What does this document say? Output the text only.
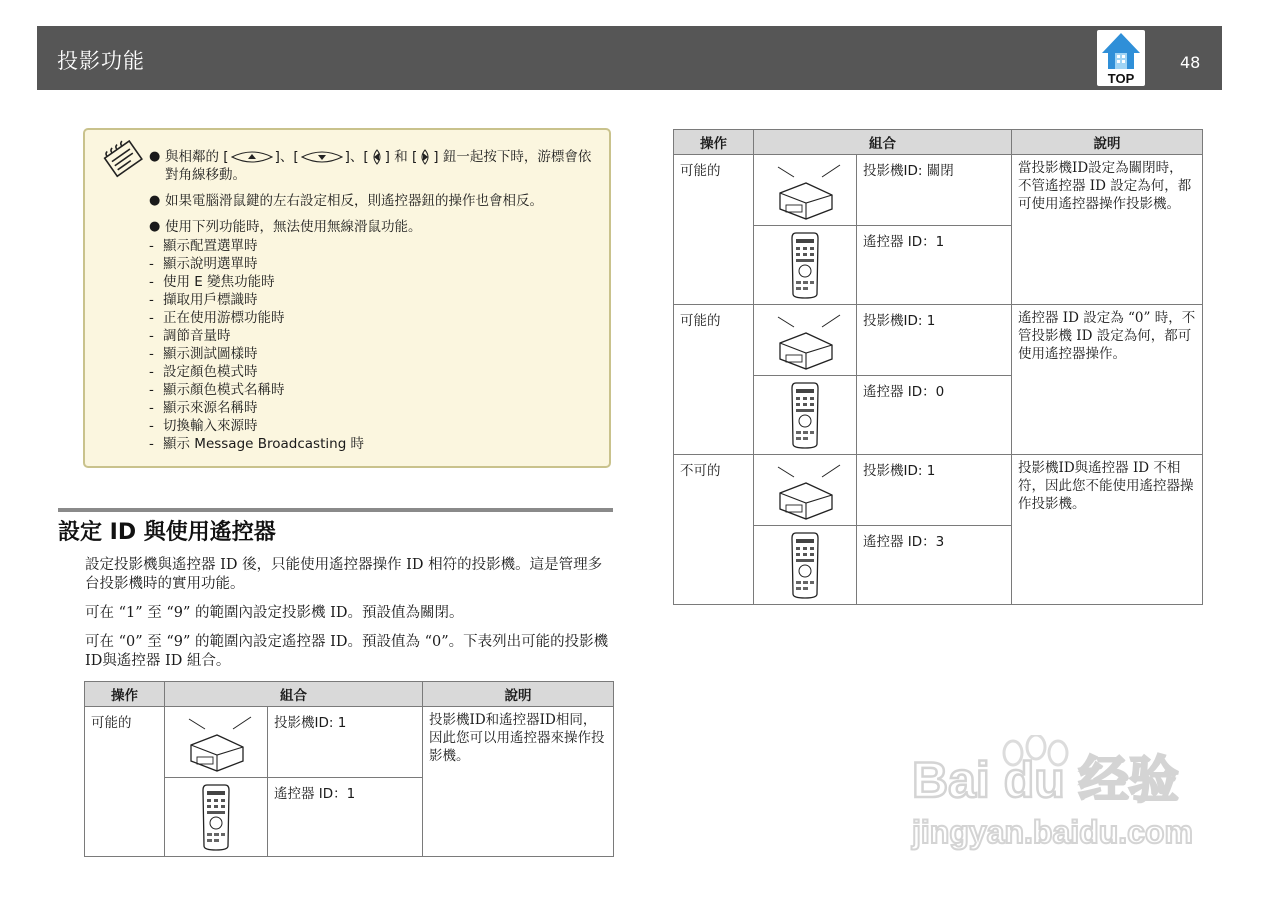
投影功能
TOP
48
● 與相鄰的 [	]、[	]、[ ] 和 [ ] 鈕一起按下時，游標會依對角線移動。
● 如果電腦滑鼠鍵的左右設定相反，則遙控器鈕的操作也會相反。
● 使用下列功能時，無法使用無線滑鼠功能。

- 顯示配置選單時

- 顯示說明選單時

- 使用 E 變焦功能時

- 擷取用戶標識時

- 正在使用游標功能時

- 調節音量時

- 顯示測試圖樣時

- 設定顏色模式時

- 顯示顏色模式名稱時

- 顯示來源名稱時

- 切換輸入來源時

- 顯示 Message Broadcasting 時

設定 ID 與使用遙控器
設定投影機與遙控器 ID 後，只能使用遙控器操作 ID 相符的投影機。這是管理多台投影機時的實用功能。
可在 “1” 至 “9” 的範圍內設定投影機 ID。預設值為關閉。
可在 “0” 至 “9” 的範圍內設定遙控器 ID。預設值為 “0”。下表列出可能的投影機ID與遙控器 ID 組合。
操作	組合		說明
可能的		投影機ID: 1	投影機ID和遙控器ID相同，因此您可以用遙控器來操作投影機。

	遙控器 ID：1	
操作	組合		說明
可能的		投影機ID: 關閉	當投影機ID設定為關閉時，不管遙控器 ID 設定為何，都可使用遙控器操作投影機。

	遙控器 ID：1	
可能的		投影機ID: 1	遙控器 ID 設定為 “0” 時，不管投影機 ID 設定為何，都可使用遙控器操作。

	遙控器 ID：0	
不可的		投影機ID: 1	投影機ID與遙控器 ID 不相符，因此您不能使用遙控器操作投影機。

	遙控器 ID：3	
Bai du 经验
jingyan.baidu.com
